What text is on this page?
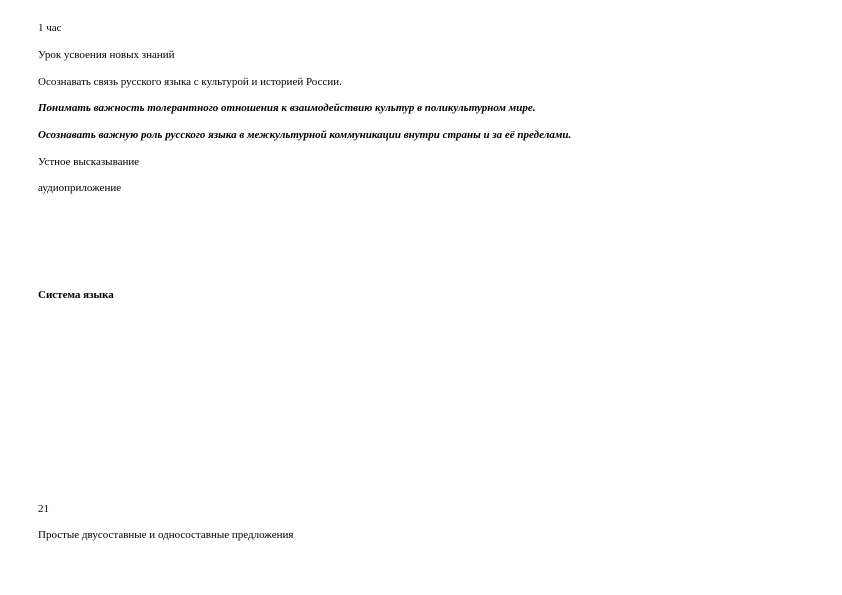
1 час
Урок усвоения новых знаний
Осознавать связь русского языка с культурой и историей России.
Понимать важность толерантного отношения к взаимодействию культур в поликультурном мире.
Осознавать важную роль русского языка в межкультурной коммуникации внутри страны и за её пределами.
Устное высказывание
аудиоприложение
Система языка
21
Простые двусоставные и односоставные предложения
